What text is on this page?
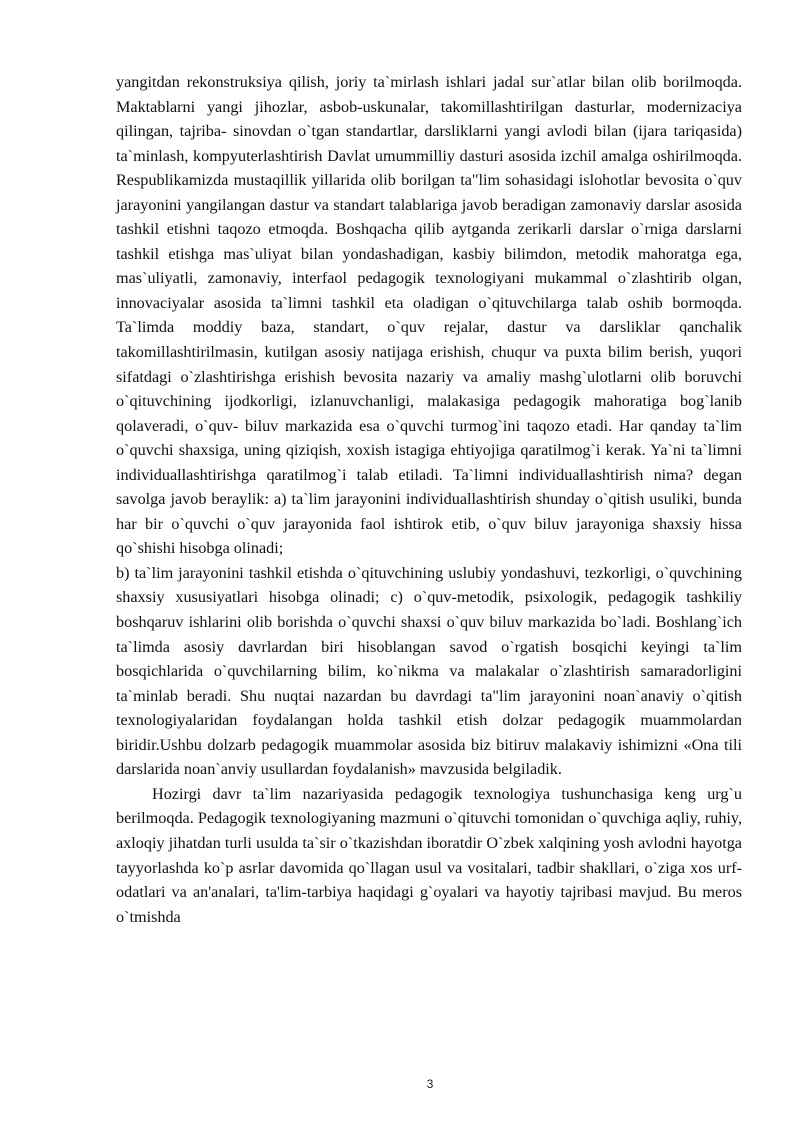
yangitdan rekonstruksiya qilish, joriy ta`mirlash ishlari jadal sur`atlar bilan olib borilmoqda. Maktablarni yangi jihozlar, asbob-uskunalar, takomillashtirilgan dasturlar, modernizaciya qilingan, tajriba- sinovdan o`tgan standartlar, darsliklarni yangi avlodi bilan (ijara tariqasida) ta`minlash, kompyuterlashtirish Davlat umummilliy dasturi asosida izchil amalga oshirilmoqda. Respublikamizda mustaqillik yillarida olib borilgan ta"lim sohasidagi islohotlar bevosita o`quv jarayonini yangilangan dastur va standart talablariga javob beradigan zamonaviy darslar asosida tashkil etishni taqozo etmoqda. Boshqacha qilib aytganda zerikarli darslar o`rniga darslarni tashkil etishga mas`uliyat bilan yondashadigan, kasbiy bilimdon, metodik mahoratga ega, mas`uliyatli, zamonaviy, interfaol pedagogik texnologiyani mukammal o`zlashtirib olgan, innovaciyalar asosida ta`limni tashkil eta oladigan o`qituvchilarga talab oshib bormoqda. Ta`limda moddiy baza, standart, o`quv rejalar, dastur va darsliklar qanchalik takomillashtirilmasin, kutilgan asosiy natijaga erishish, chuqur va puxta bilim berish, yuqori sifatdagi o`zlashtirishga erishish bevosita nazariy va amaliy mashg`ulotlarni olib boruvchi o`qituvchining ijodkorligi, izlanuvchanligi, malakasiga pedagogik mahoratiga bog`lanib qolaveradi, o`quv- biluv markazida esa o`quvchi turmog`ini taqozo etadi. Har qanday ta`lim o`quvchi shaxsiga, uning qiziqish, xoxish istagiga ehtiyojiga qaratilmog`i kerak. Ya`ni ta`limni individuallashtirishga qaratilmog`i talab etiladi. Ta`limni individuallashtirish nima? degan savolga javob beraylik: a) ta`lim jarayonini individuallashtirish shunday o`qitish usuliki, bunda har bir o`quvchi o`quv jarayonida faol ishtirok etib, o`quv biluv jarayoniga shaxsiy hissa qo`shishi hisobga olinadi;

b) ta`lim jarayonini tashkil etishda o`qituvchining uslubiy yondashuvi, tezkorligi, o`quvchining shaxsiy xususiyatlari hisobga olinadi; c) o`quv-metodik, psixologik, pedagogik tashkiliy boshqaruv ishlarini olib borishda o`quvchi shaxsi o`quv biluv markazida bo`ladi. Boshlang`ich ta`limda asosiy davrlardan biri hisoblangan savod o`rgatish bosqichi keyingi ta`lim bosqichlarida o`quvchilarning bilim, ko`nikma va malakalar o`zlashtirish samaradorligini ta`minlab beradi. Shu nuqtai nazardan bu davrdagi ta"lim jarayonini noan`anaviy o`qitish texnologiyalaridan foydalangan holda tashkil etish dolzar pedagogik muammolardan biridir.Ushbu dolzarb pedagogik muammolar asosida biz bitiruv malakaviy ishimizni «Ona tili darslarida noan`anviy usullardan foydalanish» mavzusida belgiladik.

Hozirgi davr ta`lim nazariyasida pedagogik texnologiya tushunchasiga keng urg`u berilmoqda. Pedagogik texnologiyaning mazmuni o`qituvchi tomonidan o`quvchiga aqliy, ruhiy, axloqiy jihatdan turli usulda ta`sir o`tkazishdan iboratdir O`zbek xalqining yosh avlodni hayotga tayyorlashda ko`p asrlar davomida qo`llagan usul va vositalari, tadbir shakllari, o`ziga xos urf-odatlari va an'analari, ta'lim-tarbiya haqidagi g`oyalari va hayotiy tajribasi mavjud. Bu meros o`tmishda

3
